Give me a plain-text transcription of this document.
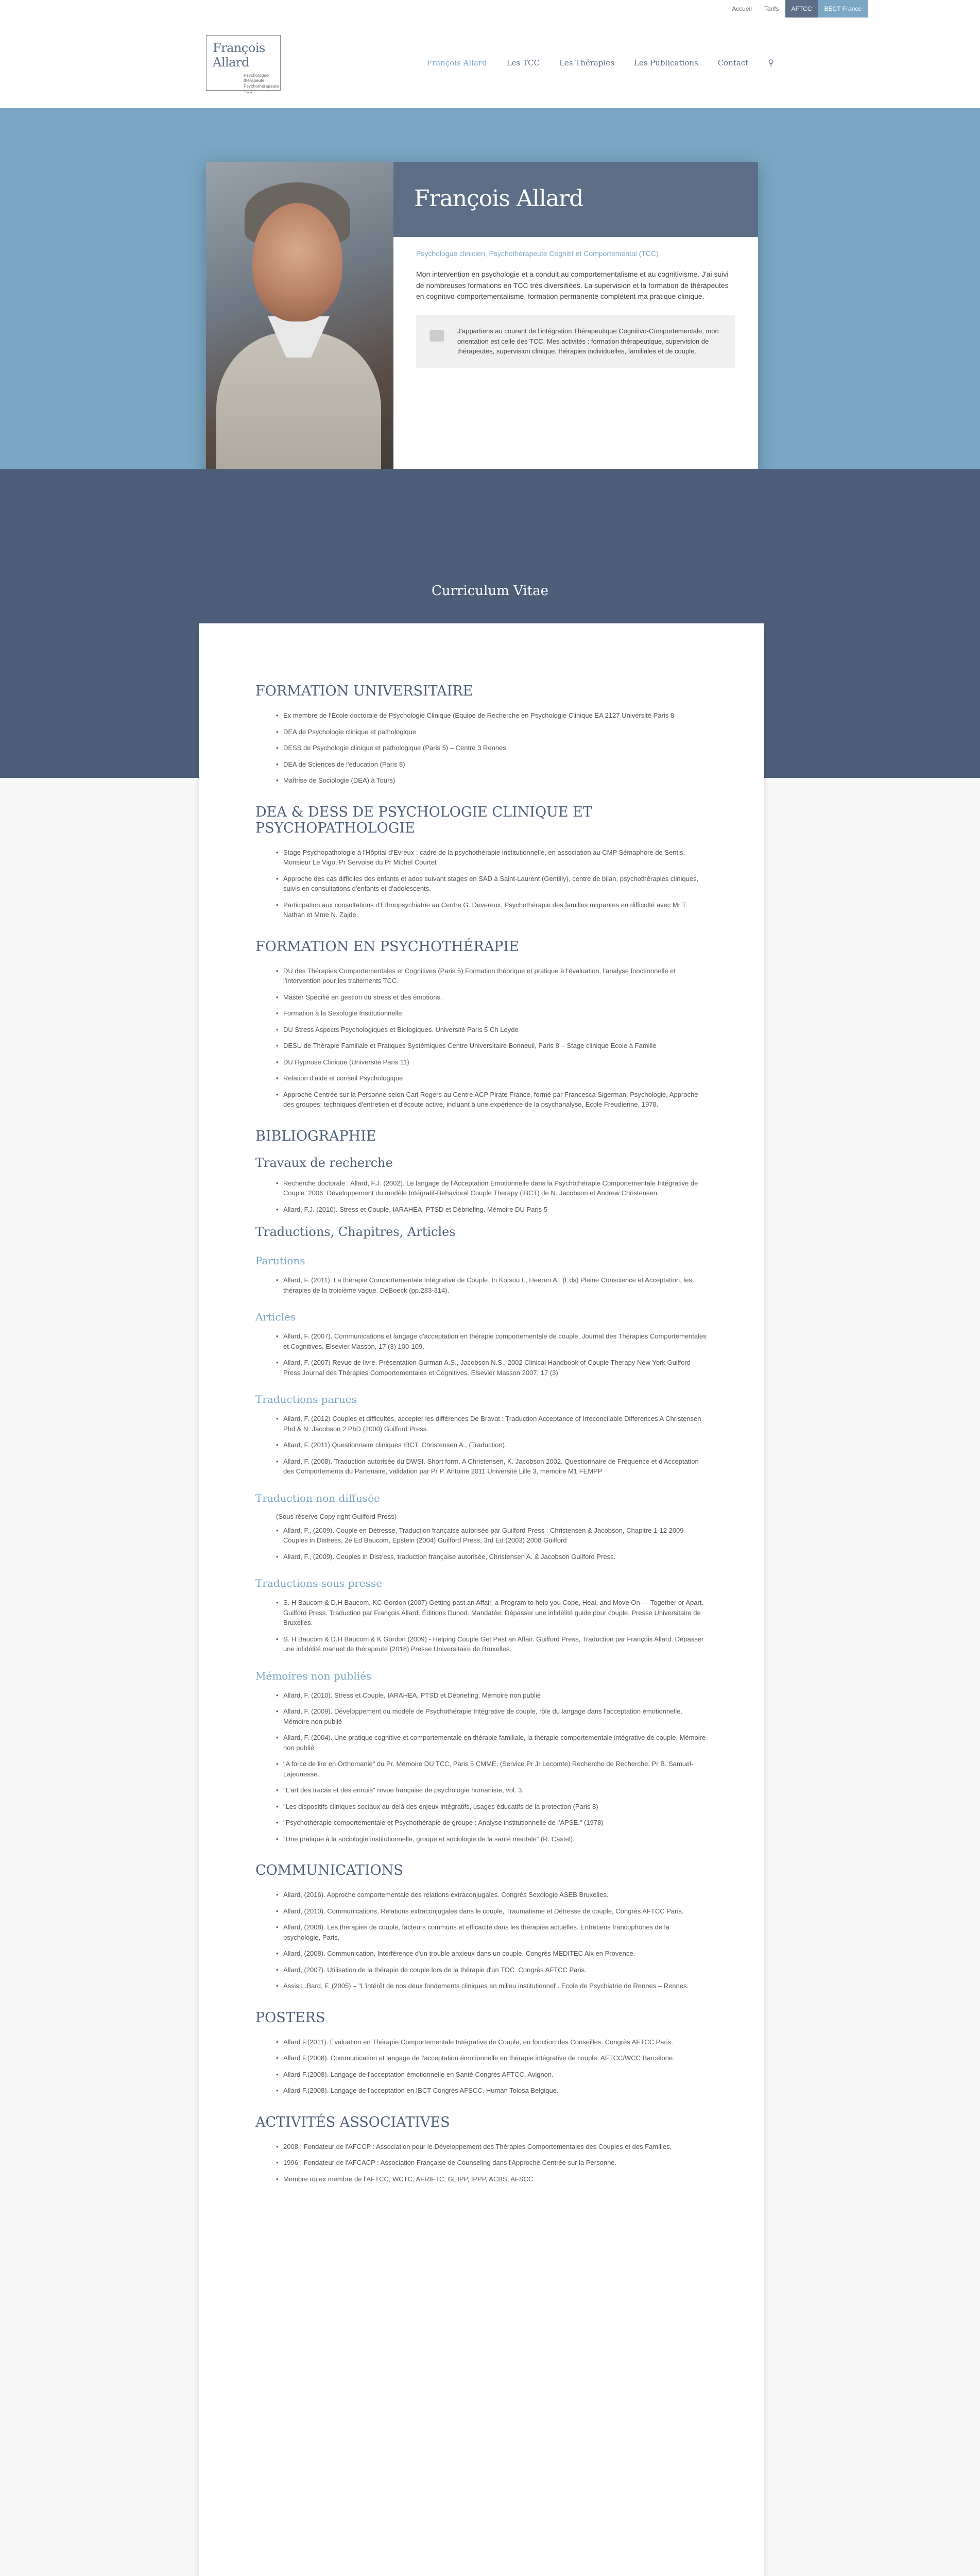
Accueil	Tarifs	AFTCC	BECT France
François Allard
Psychologue
thérapeute
Psychothérapeute
TCC
François Allard	Les TCC	Les Thérapies	Les Publications	Contact ⚲
François Allard
Psychologue clinicien, Psychothérapeute Cognitif et Comportemental (TCC)

Mon intervention en psychologie et a conduit au comportementalisme et au cognitivisme. J'ai suivi de nombreuses formations en TCC très diversifiées. La supervision et la formation de thérapeutes en cognitivo-comportementalisme, formation permanente complètent ma pratique clinique.

J'appartiens au courant de l'intégration Thérapeutique Cognitivo-Comportementale, mon orientation est celle des TCC. Mes activités : formation thérapeutique, supervision de thérapeutes, supervision clinique, thérapies individuelles, familiales et de couple.
Curriculum Vitae
FORMATION UNIVERSITAIRE
• Ex membre de l'École doctorale de Psychologie Clinique (Equipe de Recherche en Psychologie Clinique EA 2127 Université Paris 8
• DEA de Psychologie clinique et pathologique
• DESS de Psychologie clinique et pathologique (Paris 5) – Centre 3 Rennes
• DEA de Sciences de l'éducation (Paris 8)
• Maîtrise de Sociologie (DEA) à Tours)
DEA & DESS DE PSYCHOLOGIE CLINIQUE ET PSYCHOPATHOLOGIE
• Stage Psychopathologie à l'Hôpital d'Evreux ; cadre de la psychothérapie institutionnelle, en association au CMP Sémaphore de Sentis, Monsieur Le Vigo, Pr Servoise du Pr Michel Courtet
• Approche des cas difficiles des enfants et ados suivant stages en SAD à Saint-Laurent (Gentilly), centre de bilan, psychothérapies cliniques, suivis en consultations d'enfants et d'adolescents.
• Participation aux consultations d'Ethnopsychiatrie au Centre G. Devereux, Psychothérapie des familles migrantes en difficulté avec Mr T. Nathan et Mme N. Zajde.
FORMATION EN PSYCHOTHÉRAPIE
• DU des Thérapies Comportementales et Cognitives (Paris 5) Formation théorique et pratique à l'évaluation, l'analyse fonctionnelle et l'intervention pour les traitements TCC.
• Master Spécifié en gestion du stress et des émotions.
• Formation à la Sexologie Institutionnelle.
• DU Stress Aspects Psychologiques et Biologiques. Université Paris 5 Ch Leyde
• DESU de Thérapie Familiale et Pratiques Systémiques Centre Universitaire Bonneuil, Paris 8 – Stage clinique Ecole à Famille
• DU Hypnose Clinique (Université Paris 11)
• Relation d'aide et conseil Psychologique
• Approche Centrée sur la Personne selon Carl Rogers au Centre ACP Pirate France, formé par Francesca Sigerman, Psychologie, Approche des groupes; techniques d'entretien et d'écoute active, incluant à une expérience de la psychanalyse, Ecole Freudienne, 1978.
BIBLIOGRAPHIE
Travaux de recherche
• Recherche doctorale : Allard, F.J. (2002). Le langage de l'Acceptation Emotionnelle dans la Psychothérapie Comportementale Intégrative de Couple. 2006. Développement du modèle Intégratif-Behavioral Couple Therapy (IBCT) de N. Jacobson et Andrew Christensen.
• Allard, F.J. (2010). Stress et Couple, IARAHEA, PTSD et Débriefing. Mémoire DU Paris 5
Traductions, Chapitres, Articles
Parutions
• Allard, F. (2011). La thérapie Comportementale Intégrative de Couple. In Kotsou I., Heeren A., (Eds) Pleine Conscience et Acceptation, les thérapies de la troisième vague. DeBoeck (pp.283-314).
Articles
• Allard, F. (2007). Communications et langage d'acceptation en thérapie comportementale de couple, Journal des Thérapies Comportementales et Cognitives, Elsevier Masson, 17 (3) 100-109.
• Allard, F. (2007) Revue de livre, Présentation Gurman A.S., Jacobson N.S., 2002 Clinical Handbook of Couple Therapy New York Guilford Press Journal des Thérapies Comportementales et Cognitives. Elsevier Masson 2007, 17 (3)
Traductions parues
• Allard, F. (2012) Couples et difficultés, accepter les différences De Bravat : Traduction Acceptance of Irreconcilable Differences A Christensen Phd & N. Jacobson 2 PhD (2000) Guilford Press.
• Allard, F. (2011) Questionnaire cliniques IBCT. Christensen A., (Traduction).
• Allard, F. (2008). Traduction autorisée du DWSI. Short form. A Christensen, K. Jacobson 2002. Questionnaire de Fréquence et d'Acceptation des Comportements du Partenaire, validation par Pr P. Antoine 2011 Université Lille 3, mémoire M1 FEMPP
Traduction non diffusée
(Sous réserve Copy right Guilford Press)
• Allard, F., (2009). Couple en Détresse, Traduction française autorisée par Guilford Press : Christensen & Jacobson, Chapitre 1-12 2009 Couples in Distress, 2e Ed Baucom, Epstein (2004) Guilford Press, 3rd Ed (2003) 2008 Guilford
• Allard, F., (2009). Couples in Distress, traduction française autorisée, Christensen A. & Jacobson Guilford Press.
Traductions sous presse
• S. H Baucom & D.H Baucom, KC Gordon (2007) Getting past an Affair, a Program to help you Cope, Heal, and Move On — Together or Apart. Guilford Press. Traduction par François Allard. Éditions Dunod. Mandatée. Dépasser une infidélité guide pour couple. Presse Universitaire de Bruxelles.
• S. H Baucom & D.H Baucom & K Gordon (2009) - Helping Couple Get Past an Affair. Guilford Press, Traduction par François Allard. Dépasser une infidélité manuel de thérapeute (2018) Presse Universitaire de Bruxelles.
Mémoires non publiés
• Allard, F. (2010). Stress et Couple, IARAHEA, PTSD et Débriefing. Mémoire non publié
• Allard, F. (2009). Développement du modèle de Psychothérapie Intégrative de couple, rôle du langage dans l'acceptation émotionnelle. Mémoire non publié
• Allard, F. (2004). Une pratique cognitive et comportementale en thérapie familiale, la thérapie comportementale intégrative de couple. Mémoire non publié
• "A force de lire en Orthomanie" du Pr. Mémoire DU TCC, Paris 5 CMME, (Service Pr Jr Lecomte) Recherche de Recherche, Pr B. Samuel-Lajeunesse.
• "L'art des tracas et des ennuis" revue française de psychologie humaniste, vol. 3.
• "Les dispositifs cliniques sociaux au-delà des enjeux intégratifs, usages éducatifs de la protection (Paris 8)
• "Psychothérapie comportementale et Psychothérapie de groupe : Analyse institutionnelle de l'APSE." (1978)
• "Une pratique à la sociologie institutionnelle, groupe et sociologie de la santé mentale" (R. Castel).
COMMUNICATIONS
• Allard, (2016). Approche comportementale des relations extraconjugales. Congrès Sexologie ASEB Bruxelles.
• Allard, (2010). Communications, Relations extraconjugales dans le couple, Traumatisme et Détresse de couple, Congrès AFTCC Paris.
• Allard, (2008). Les thérapies de couple, facteurs communs et efficacité dans les thérapies actuelles. Entretiens francophones de la psychologie, Paris.
• Allard, (2008). Communication, Interférence d'un trouble anxieux dans un couple. Congrès MEDITEC Aix en Provence.
• Allard, (2007). Utilisation de la thérapie de couple lors de la thérapie d'un TOC. Congrès AFTCC Paris.
• Assis L.Bard, F. (2005) – "L'intérêt de nos deux fondements cliniques en milieu institutionnel". Ecole de Psychiatrie de Rennes – Rennes.
POSTERS
• Allard F.(2011). Évaluation en Thérapie Comportementale Intégrative de Couple, en fonction des Conseilles. Congrès AFTCC Paris.
• Allard F.(2008). Communication et langage de l'acceptation émotionnelle en thérapie intégrative de couple. AFTCC/WCC Barcelone.
• Allard F.(2008). Langage de l'acceptation émotionnelle en Santé Congrès AFTCC, Avignon.
• Allard F.(2008). Langage de l'acceptation en IBCT Congrès AFSCC. Human Tolosa Belgique.
ACTIVITÉS ASSOCIATIVES
• 2008 : Fondateur de l'AFCCP : Association pour le Développement des Thérapies Comportementales des Couples et des Familles,
• 1996 : Fondateur de l'AFCACP : Association Française de Counseling dans l'Approche Centrée sur la Personne.
• Membre ou ex membre de l'AFTCC, WCTC, AFRIFTC, GEIPP, IPPP, ACBS, AFSCC.
